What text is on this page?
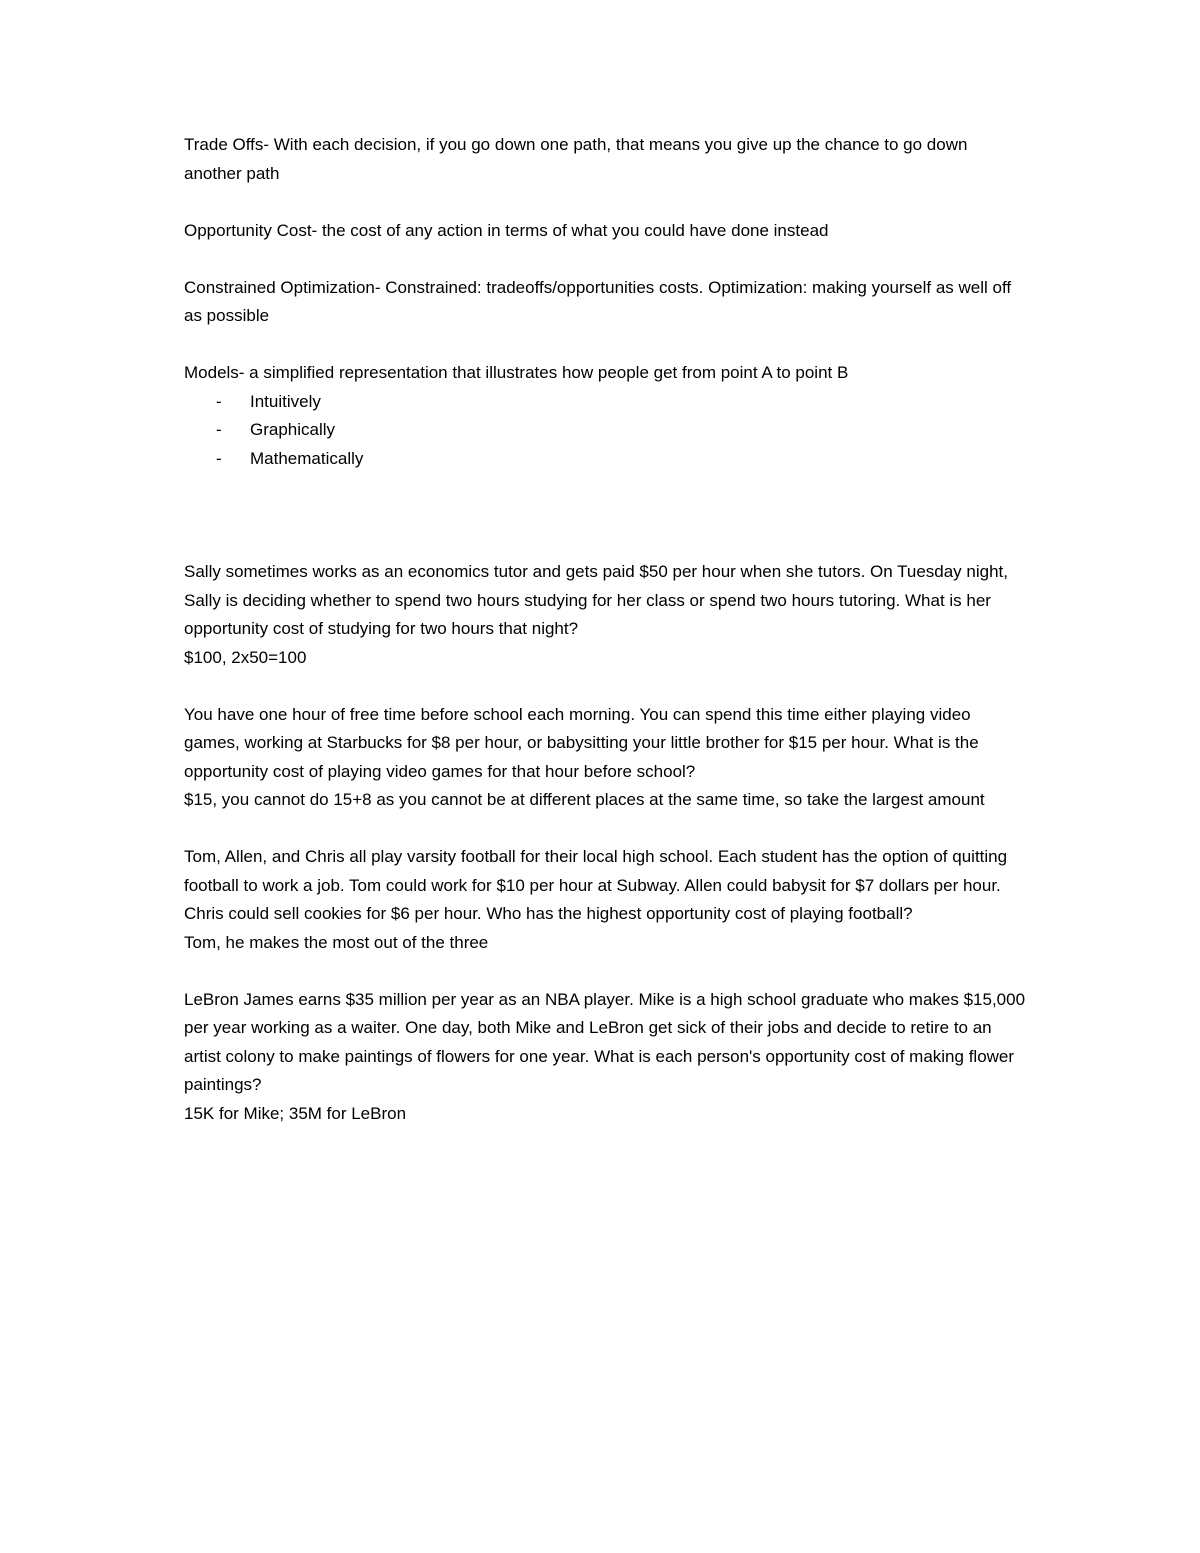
Trade Offs- With each decision, if you go down one path, that means you give up the chance to go down another path

Opportunity Cost- the cost of any action in terms of what you could have done instead

Constrained Optimization- Constrained: tradeoffs/opportunities costs. Optimization: making yourself as well off as possible

Models- a simplified representation that illustrates how people get from point A to point B

- Intuitively
- Graphically
- Mathematically

Sally sometimes works as an economics tutor and gets paid $50 per hour when she tutors. On Tuesday night, Sally is deciding whether to spend two hours studying for her class or spend two hours tutoring. What is her opportunity cost of studying for two hours that night?

$100, 2x50=100

You have one hour of free time before school each morning. You can spend this time either playing video games, working at Starbucks for $8 per hour, or babysitting your little brother for $15 per hour. What is the opportunity cost of playing video games for that hour before school?

$15, you cannot do 15+8 as you cannot be at different places at the same time, so take the largest amount

Tom, Allen, and Chris all play varsity football for their local high school. Each student has the option of quitting football to work a job. Tom could work for $10 per hour at Subway. Allen could babysit for $7 dollars per hour. Chris could sell cookies for $6 per hour. Who has the highest opportunity cost of playing football?

Tom, he makes the most out of the three

LeBron James earns $35 million per year as an NBA player. Mike is a high school graduate who makes $15,000 per year working as a waiter. One day, both Mike and LeBron get sick of their jobs and decide to retire to an artist colony to make paintings of flowers for one year. What is each person's opportunity cost of making flower paintings?

15K for Mike; 35M for LeBron
